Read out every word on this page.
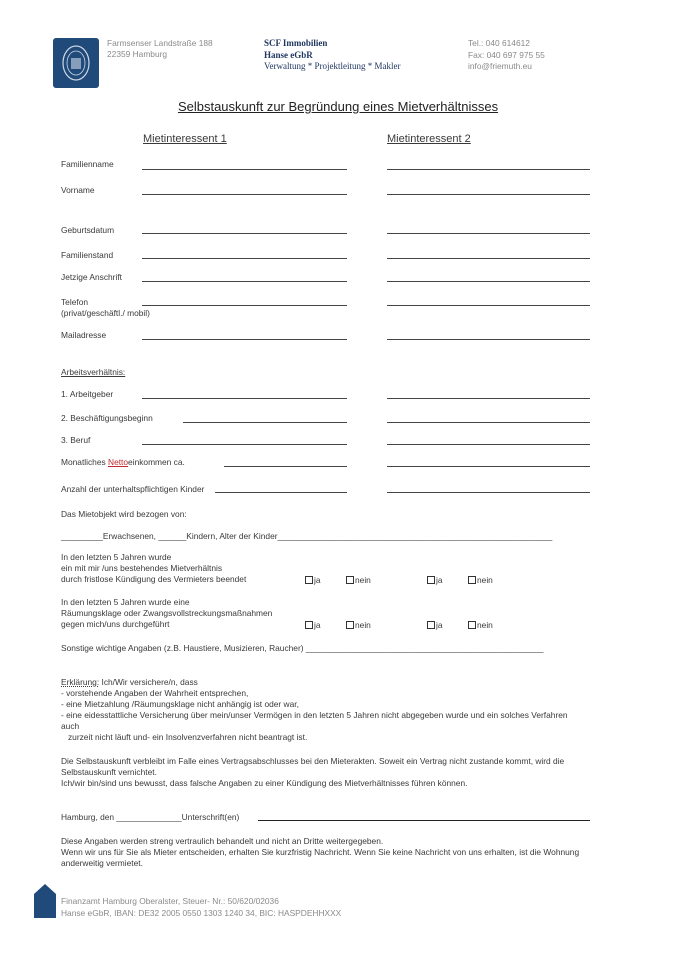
Farmsenser Landstraße 188
22359 Hamburg
SCF Immobilien
Hanse eGbR
Verwaltung * Projektleitung * Makler
Tel.: 040 614612
Fax: 040 697 975 55
info@friemuth.eu
Selbstauskunft zur Begründung eines Mietverhältnisses
Mietinteressent 1	Mietinteressent 2
Familienname
Vorname
Geburtsdatum
Familienstand
Jetzige Anschrift
Telefon
(privat/geschäftl./ mobil)
Mailadresse
1. Arbeitgeber
2. Beschäftigungsbeginn
3. Beruf
Anzahl der unterhaltspflichtigen Kinder
Arbeitsverhältnis:
Monatliches Nettoeinkommen ca.
Das Mietobjekt wird bezogen von:
_________Erwachsenen, ______Kindern, Alter der Kinder___________________________________________________________
In den letzten 5 Jahren wurde
ein mit mir /uns bestehendes Mietverhältnis
durch fristlose Kündigung des Vermieters beendet
In den letzten 5 Jahren wurde eine
Räumungsklage oder Zwangsvollstreckungsmaßnahmen
gegen mich/uns durchgeführt
ja	nein	ja	nein
ja	nein	ja	nein
Sonstige wichtige Angaben (z.B. Haustiere, Musizieren, Raucher) ___________________________________________________
Erklärung: Ich/Wir versichere/n, dass
- vorstehende Angaben der Wahrheit entsprechen,
- eine Mietzahlung /Räumungsklage nicht anhängig ist oder war,
- eine eidesstattliche Versicherung über mein/unser Vermögen in den letzten 5 Jahren nicht abgegeben wurde und ein solches Verfahren
auch
zurzeit nicht läuft und- ein Insolvenzverfahren nicht beantragt ist.
Die Selbstauskunft verbleibt im Falle eines Vertragsabschlusses bei den Mieterakten. Soweit ein Vertrag nicht zustande kommt, wird die
Selbstauskunft vernichtet.
Ich/wir bin/sind uns bewusst, dass falsche Angaben zu einer Kündigung des Mietverhältnisses führen können.
Hamburg, den ______________Unterschrift(en)
Diese Angaben werden streng vertraulich behandelt und nicht an Dritte weitergegeben.
Wenn wir uns für Sie als Mieter entscheiden, erhalten Sie kurzfristig Nachricht. Wenn Sie keine Nachricht von uns erhalten, ist die Wohnung
anderweitig vermietet.
Finanzamt Hamburg Oberalster, Steuer- Nr.: 50/620/02036
Hanse eGbR, IBAN: DE32 2005 0550 1303 1240 34, BIC: HASPDEHHXXX
